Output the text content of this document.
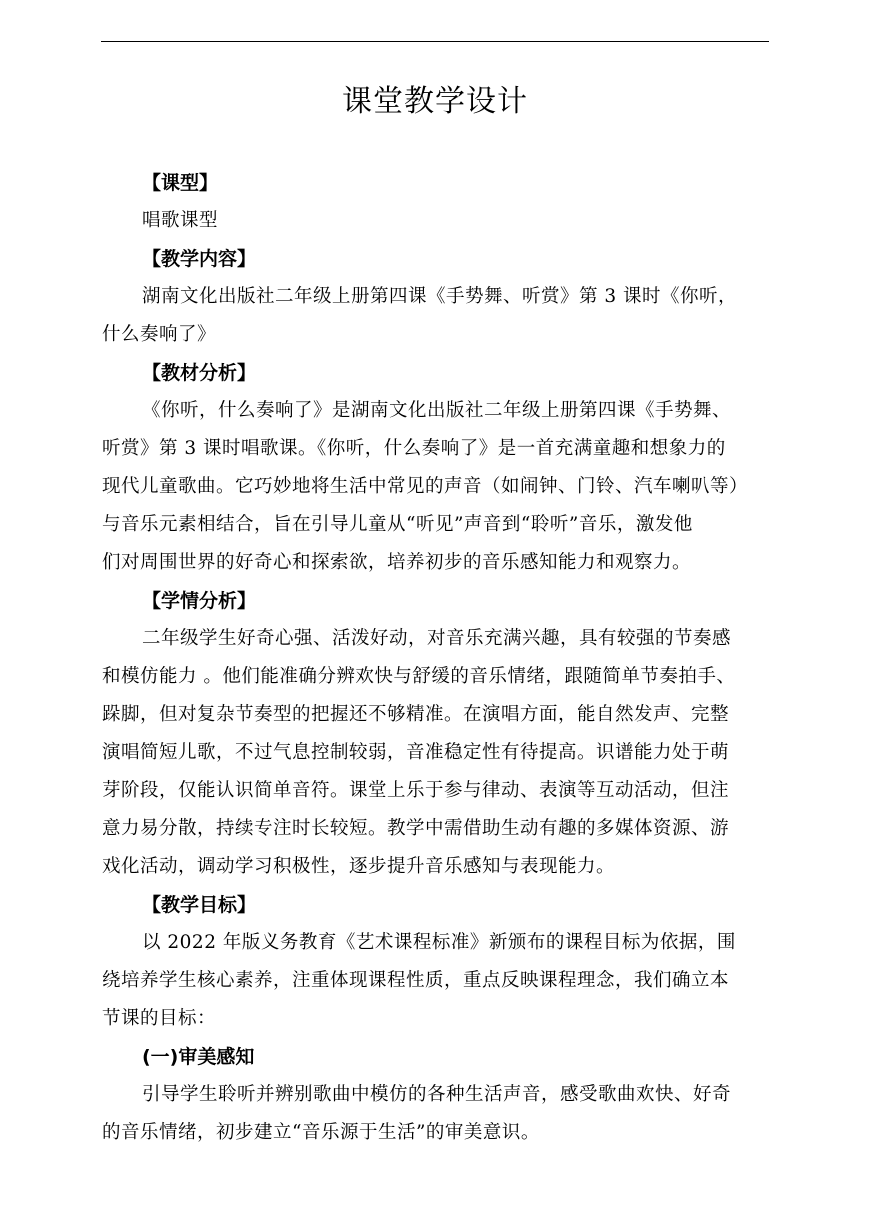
课堂教学设计
【课型】
唱歌课型
【教学内容】
湖南文化出版社二年级上册第四课《手势舞、听赏》第 3 课时《你听，
什么奏响了》
【教材分析】
《你听，什么奏响了》是湖南文化出版社二年级上册第四课《手势舞、
听赏》第 3 课时唱歌课。《你听，什么奏响了》是一首充满童趣和想象力的
现代儿童歌曲。它巧妙地将生活中常见的声音（如闹钟、门铃、汽车喇叭等）
与音乐元素相结合，旨在引导儿童从“听见”声音到“聆听”音乐，激发他
们对周围世界的好奇心和探索欲，培养初步的音乐感知能力和观察力。
【学情分析】
二年级学生好奇心强、活泼好动，对音乐充满兴趣，具有较强的节奏感
和模仿能力 。他们能准确分辨欢快与舒缓的音乐情绪，跟随简单节奏拍手、
跺脚，但对复杂节奏型的把握还不够精准。在演唱方面，能自然发声、完整
演唱简短儿歌，不过气息控制较弱，音准稳定性有待提高。识谱能力处于萌
芽阶段，仅能认识简单音符。课堂上乐于参与律动、表演等互动活动，但注
意力易分散，持续专注时长较短。教学中需借助生动有趣的多媒体资源、游
戏化活动，调动学习积极性，逐步提升音乐感知与表现能力。
【教学目标】
以 2022 年版义务教育《艺术课程标准》新颁布的课程目标为依据，围
绕培养学生核心素养，注重体现课程性质，重点反映课程理念，我们确立本
节课的目标：
(一)审美感知
引导学生聆听并辨别歌曲中模仿的各种生活声音，感受歌曲欢快、好奇
的音乐情绪，初步建立“音乐源于生活”的审美意识。
